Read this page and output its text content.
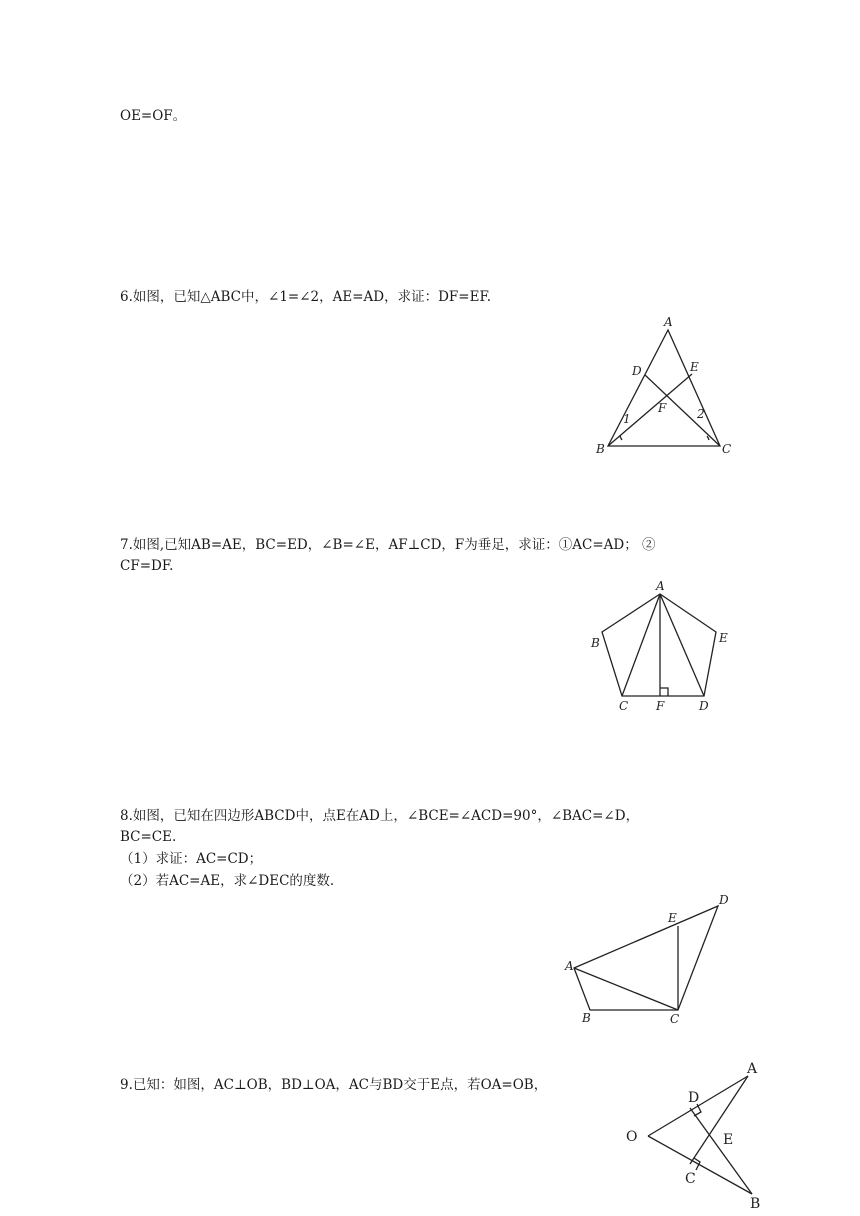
OE=OF。
6.如图，已知△ABC中，∠1=∠2，AE=AD，求证：DF=EF.
A
B	C
D	E
F
1	2
7.如图,已知AB=AE，BC=ED，∠B=∠E，AF⊥CD，F为垂足，求证：①AC=AD； ②
CF=DF.
A
B
C	D
E
F
8.如图，已知在四边形ABCD中，点E在AD上，∠BCE=∠ACD=90°，∠BAC=∠D，
BC=CE.
（1）求证：AC=CD；
（2）若AC=AE，求∠DEC的度数.
A
B	C
D
E
9.已知：如图，AC⊥OB，BD⊥OA，AC与BD交于E点，若OA=OB，
O
A
B
C
D
E
